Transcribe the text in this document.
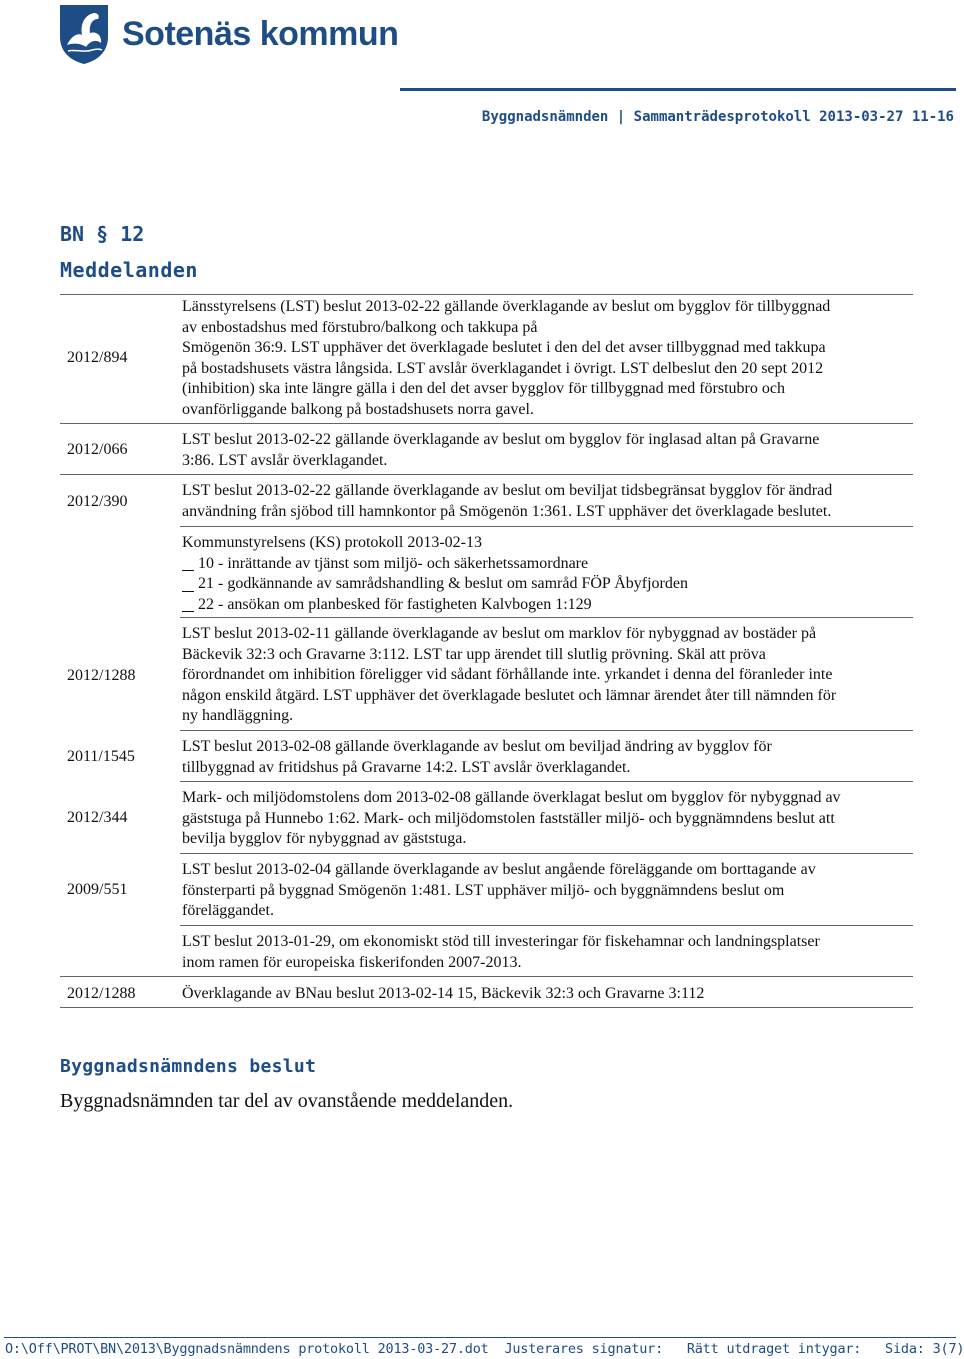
Sotenäs kommun
Byggnadsnämnden | Sammanträdesprotokoll 2013-03-27 11-16
BN § 12
Meddelanden
2012/894
2012/066
2012/390
2012/1288
2011/1545
2012/344
2009/551
2012/1288
Länsstyrelsens (LST) beslut 2013-02-22 gällande överklagande av beslut om bygglov för tillbyggnad
av enbostadshus med förstubro/balkong och takkupa på
Smögenön 36:9. LST upphäver det överklagade beslutet i den del det avser tillbyggnad med takkupa
på bostadshusets västra långsida. LST avslår överklagandet i övrigt. LST delbeslut den 20 sept 2012
(inhibition) ska inte längre gälla i den del det avser bygglov för tillbyggnad med förstubro och
ovanförliggande balkong på bostadshusets norra gavel.
LST beslut 2013-02-22 gällande överklagande av beslut om bygglov för inglasad altan på Gravarne
3:86. LST avslår överklagandet.
LST beslut 2013-02-22 gällande överklagande av beslut om beviljat tidsbegränsat bygglov för ändrad
användning från sjöbod till hamnkontor på Smögenön 1:361. LST upphäver det överklagade beslutet.
Kommunstyrelsens (KS) protokoll 2013-02-13
10 - inrättande av tjänst som miljö- och säkerhetssamordnare
21 - godkännande av samrådshandling & beslut om samråd FÖP Åbyfjorden
22 - ansökan om planbesked för fastigheten Kalvbogen 1:129
LST beslut 2013-02-11 gällande överklagande av beslut om marklov för nybyggnad av bostäder på
Bäckevik 32:3 och Gravarne 3:112. LST tar upp ärendet till slutlig prövning. Skäl att pröva
förordnandet om inhibition föreligger vid sådant förhållande inte. yrkandet i denna del föranleder inte
någon enskild åtgärd. LST upphäver det överklagade beslutet och lämnar ärendet åter till nämnden för
ny handläggning.
LST beslut 2013-02-08 gällande överklagande av beslut om beviljad ändring av bygglov för
tillbyggnad av fritidshus på Gravarne 14:2. LST avslår överklagandet.
Mark- och miljödomstolens dom 2013-02-08 gällande överklagat beslut om bygglov för nybyggnad av
gäststuga på Hunnebo 1:62. Mark- och miljödomstolen fastställer miljö- och byggnämndens beslut att
bevilja bygglov för nybyggnad av gäststuga.
LST beslut 2013-02-04 gällande överklagande av beslut angående föreläggande om borttagande av
fönsterparti på byggnad Smögenön 1:481. LST upphäver miljö- och byggnämndens beslut om
föreläggandet.
LST beslut 2013-01-29, om ekonomiskt stöd till investeringar för fiskehamnar och landningsplatser
inom ramen för europeiska fiskerifonden 2007-2013.
Överklagande av BNau beslut 2013-02-14 15, Bäckevik 32:3 och Gravarne 3:112
Byggnadsnämndens beslut
Byggnadsnämnden tar del av ovanstående meddelanden.
O:\Off\PROT\BN\2013\Byggnadsnämndens protokoll 2013-03-27.dot Justerares signatur: Rätt utdraget intygar: Sida: 3(7)
